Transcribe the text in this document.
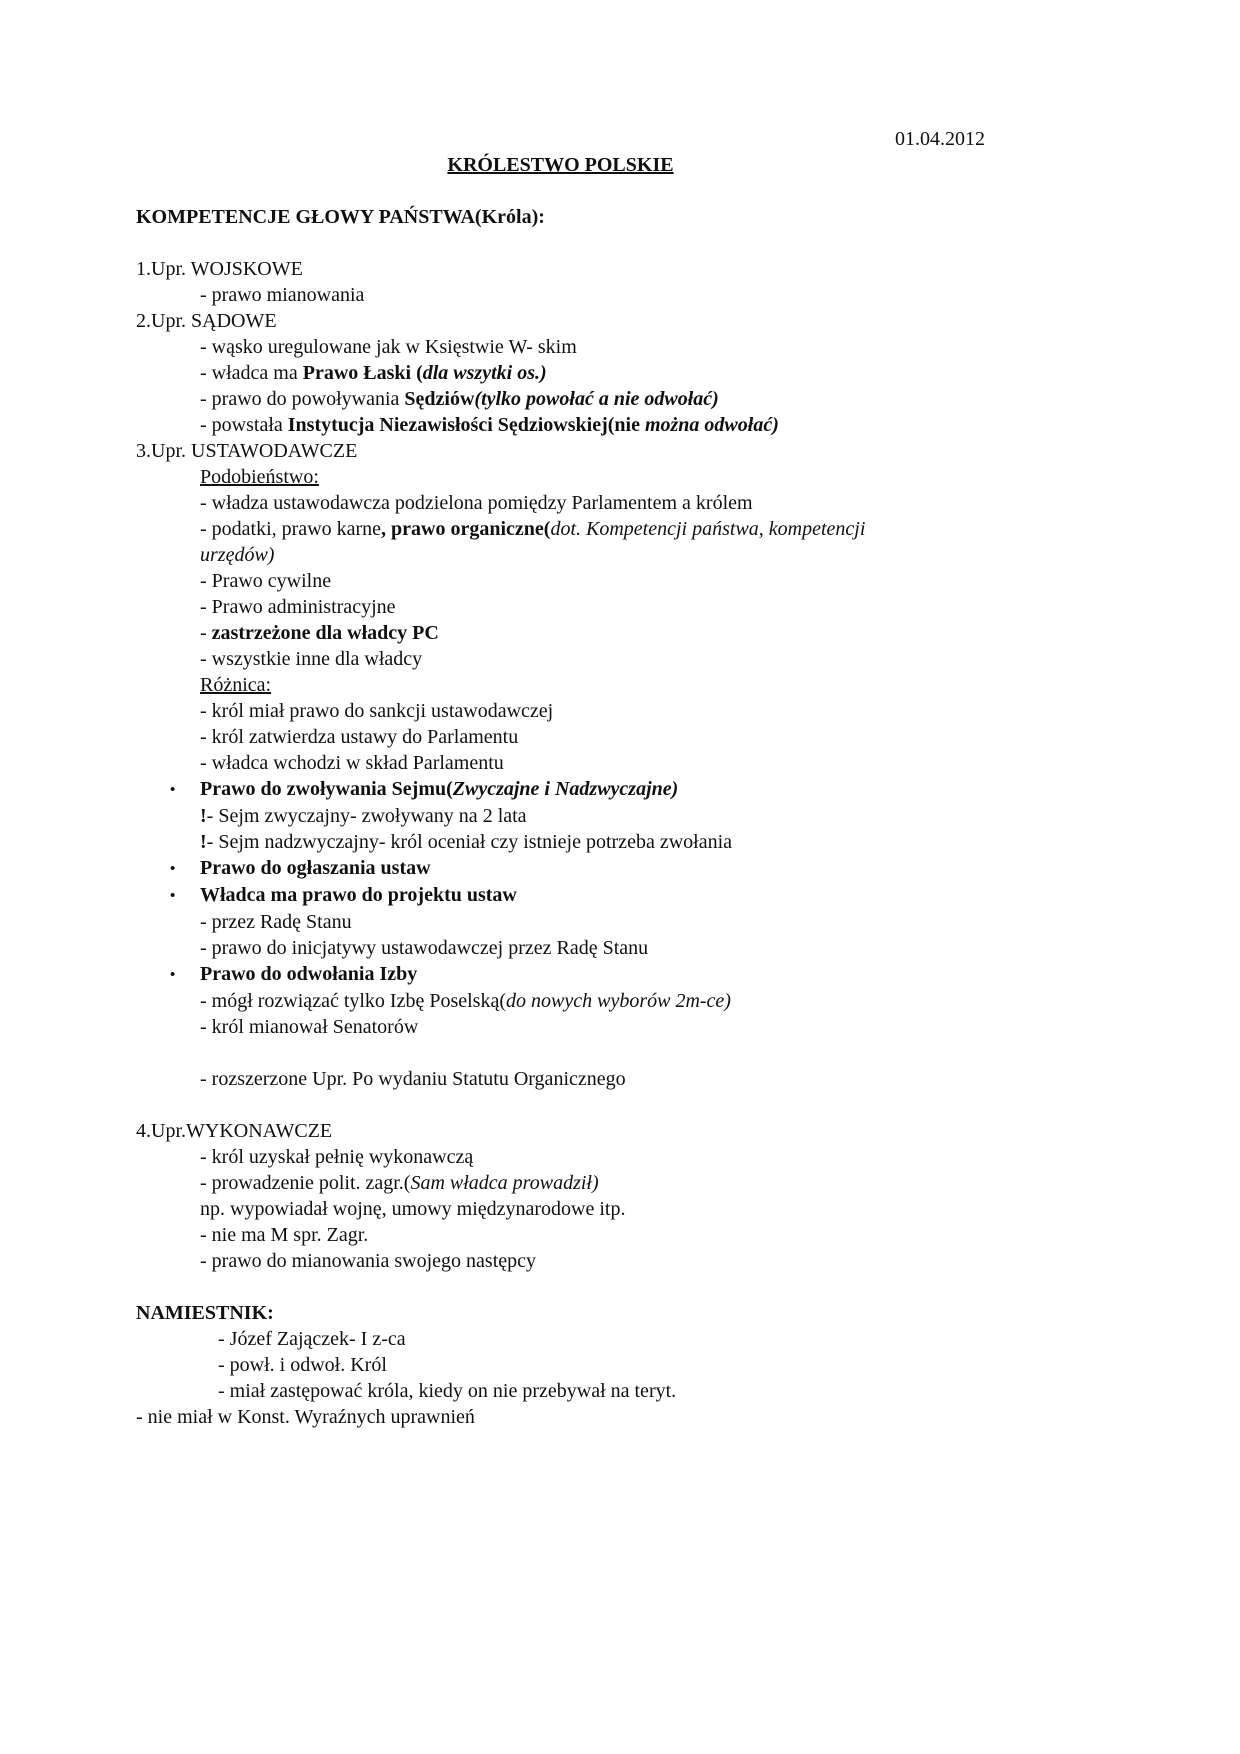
01.04.2012
KRÓLESTWO POLSKIE

KOMPETENCJE GŁOWY PAŃSTWA(Króla):

1.Upr. WOJSKOWE
- prawo mianowania
2.Upr. SĄDOWE
- wąsko uregulowane jak w Księstwie W- skim
- władca ma Prawo Łaski (dla wszytki os.)
- prawo do powoływania Sędziów(tylko powołać a nie odwołać)
- powstała Instytucja Niezawisłości Sędziowskiej(nie można odwołać)
3.Upr. USTAWODAWCZE
Podobieństwo:
- władza ustawodawcza podzielona pomiędzy Parlamentem a królem
- podatki, prawo karne, prawo organiczne(dot. Kompetencji państwa, kompetencji
urzędów)
- Prawo cywilne
- Prawo administracyjne
- zastrzeżone dla władcy PC
- wszystkie inne dla władcy
Różnica:
- król miał prawo do sankcji ustawodawczej
- król zatwierdza ustawy do Parlamentu
- władca wchodzi w skład Parlamentu
• Prawo do zwoływania Sejmu(Zwyczajne i Nadzwyczajne)
!- Sejm zwyczajny- zwoływany na 2 lata
!- Sejm nadzwyczajny- król oceniał czy istnieje potrzeba zwołania
• Prawo do ogłaszania ustaw
• Władca ma prawo do projektu ustaw
- przez Radę Stanu
- prawo do inicjatywy ustawodawczej przez Radę Stanu
• Prawo do odwołania Izby
- mógł rozwiązać tylko Izbę Poselską(do nowych wyborów 2m-ce)
- król mianował Senatorów

- rozszerzone Upr. Po wydaniu Statutu Organicznego

4.Upr.WYKONAWCZE
- król uzyskał pełnię wykonawczą
- prowadzenie polit. zagr.(Sam władca prowadził)
np. wypowiadał wojnę, umowy międzynarodowe itp.
- nie ma M spr. Zagr.
- prawo do mianowania swojego następcy

NAMIESTNIK:
- Józef Zajączek- I z-ca
- powł. i odwoł. Król
- miał zastępować króla, kiedy on nie przebywał na teryt.
- nie miał w Konst. Wyraźnych uprawnień
